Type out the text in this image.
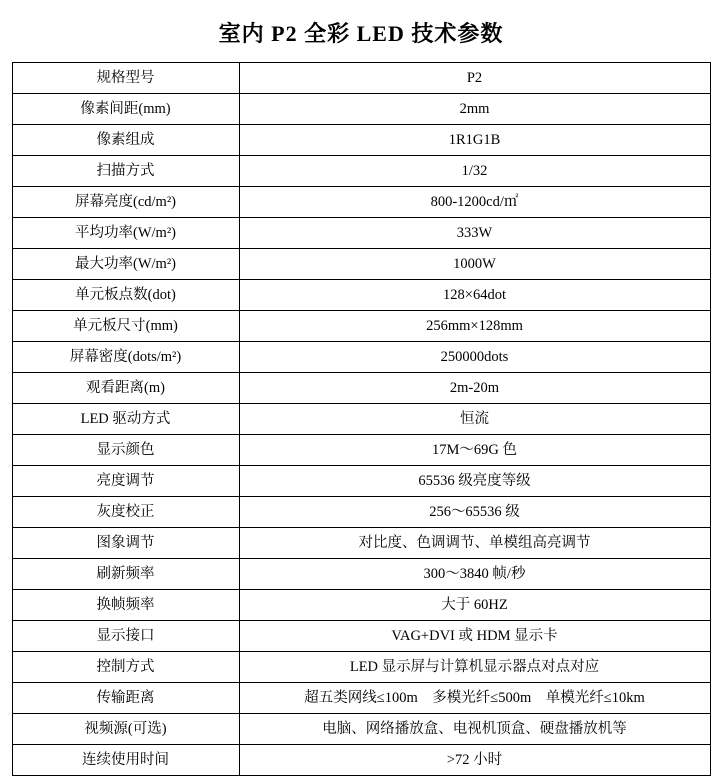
室内 P2 全彩 LED 技术参数
规格型号	P2
像素间距(mm)	2mm
像素组成	1R1G1B
扫描方式	1/32
屏幕亮度(cd/m²)	800-1200cd/㎡
平均功率(W/m²)	333W
最大功率(W/m²)	1000W
单元板点数(dot)	128×64dot
单元板尺寸(mm)	256mm×128mm
屏幕密度(dots/m²)	250000dots
观看距离(m)	2m-20m
LED 驱动方式	恒流
显示颜色	17M～69G 色
亮度调节	65536 级亮度等级
灰度校正	256～65536 级
图象调节	对比度、色调调节、单模组高亮调节
刷新频率	300～3840 帧/秒
换帧频率	大于 60HZ
显示接口	VAG+DVI 或 HDM 显示卡
控制方式	LED 显示屏与计算机显示器点对点对应
传输距离	超五类网线≤100m　多模光纤≤500m　单模光纤≤10km
视频源(可选)	电脑、网络播放盒、电视机顶盒、硬盘播放机等
连续使用时间	>72 小时
